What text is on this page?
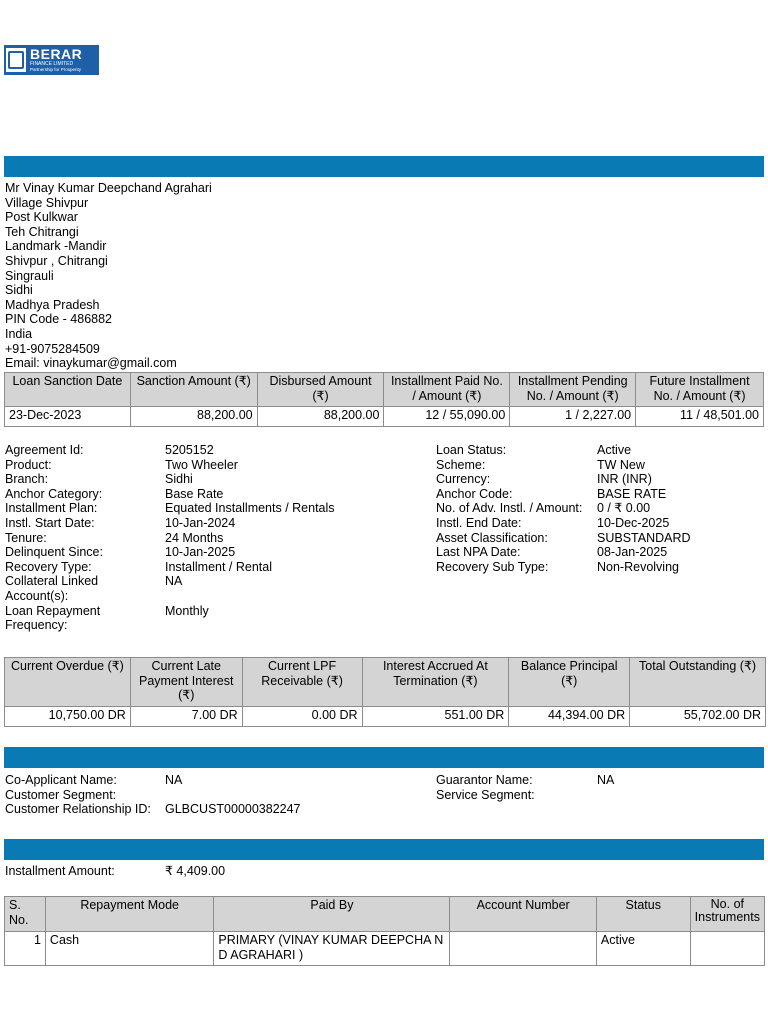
BERAR
FINANCE LIMITED
Partnership for Prosperity
Mr Vinay Kumar Deepchand Agrahari
Village Shivpur
Post Kulkwar
Teh Chitrangi
Landmark -Mandir
Shivpur , Chitrangi
Singrauli
Sidhi
Madhya Pradesh
PIN Code - 486882
India
+91-9075284509
Email: vinaykumar@gmail.com
Loan Sanction Date	Sanction Amount (₹)	Disbursed Amount (₹)	Installment Paid No. / Amount (₹)	Installment Pending No. / Amount (₹)	Future Installment No. / Amount (₹)
23-Dec-2023	88,200.00	88,200.00	12 / 55,090.00	1 / 2,227.00	11 / 48,501.00
Agreement Id:	5205152
Product:	Two Wheeler
Branch:	Sidhi
Anchor Category:	Base Rate
Installment Plan:	Equated Installments / Rentals
Instl. Start Date:	10-Jan-2024
Tenure:	24 Months
Delinquent Since:	10-Jan-2025
Recovery Type:	Installment / Rental
Collateral Linked Account(s):
NA
Loan Repayment Frequency:
Monthly
Loan Status:	Active
Scheme:	TW New
Currency:	INR (INR)
Anchor Code:	BASE RATE
No. of Adv. Instl. / Amount: 0 / ₹ 0.00
Instl. End Date:	10-Dec-2025
Asset Classification:	SUBSTANDARD
Last NPA Date:	08-Jan-2025
Recovery Sub Type:	Non-Revolving
Current Overdue (₹)	Current Late Payment Interest (₹)	Current LPF Receivable (₹)	Interest Accrued At Termination (₹)	Balance Principal (₹)	Total Outstanding (₹)
10,750.00 DR	7.00 DR	0.00 DR	551.00 DR	44,394.00 DR	55,702.00 DR
Co-Applicant Name:	NA
Customer Segment:
Customer Relationship ID: GLBCUST00000382247
Guarantor Name:	NA
Service Segment:
Installment Amount:	₹ 4,409.00
S. No.	Repayment Mode	Paid By	Account Number	Status	No. of Instruments
1	Cash	PRIMARY (VINAY KUMAR DEEPCHA ND AGRAHARI )		Active	
